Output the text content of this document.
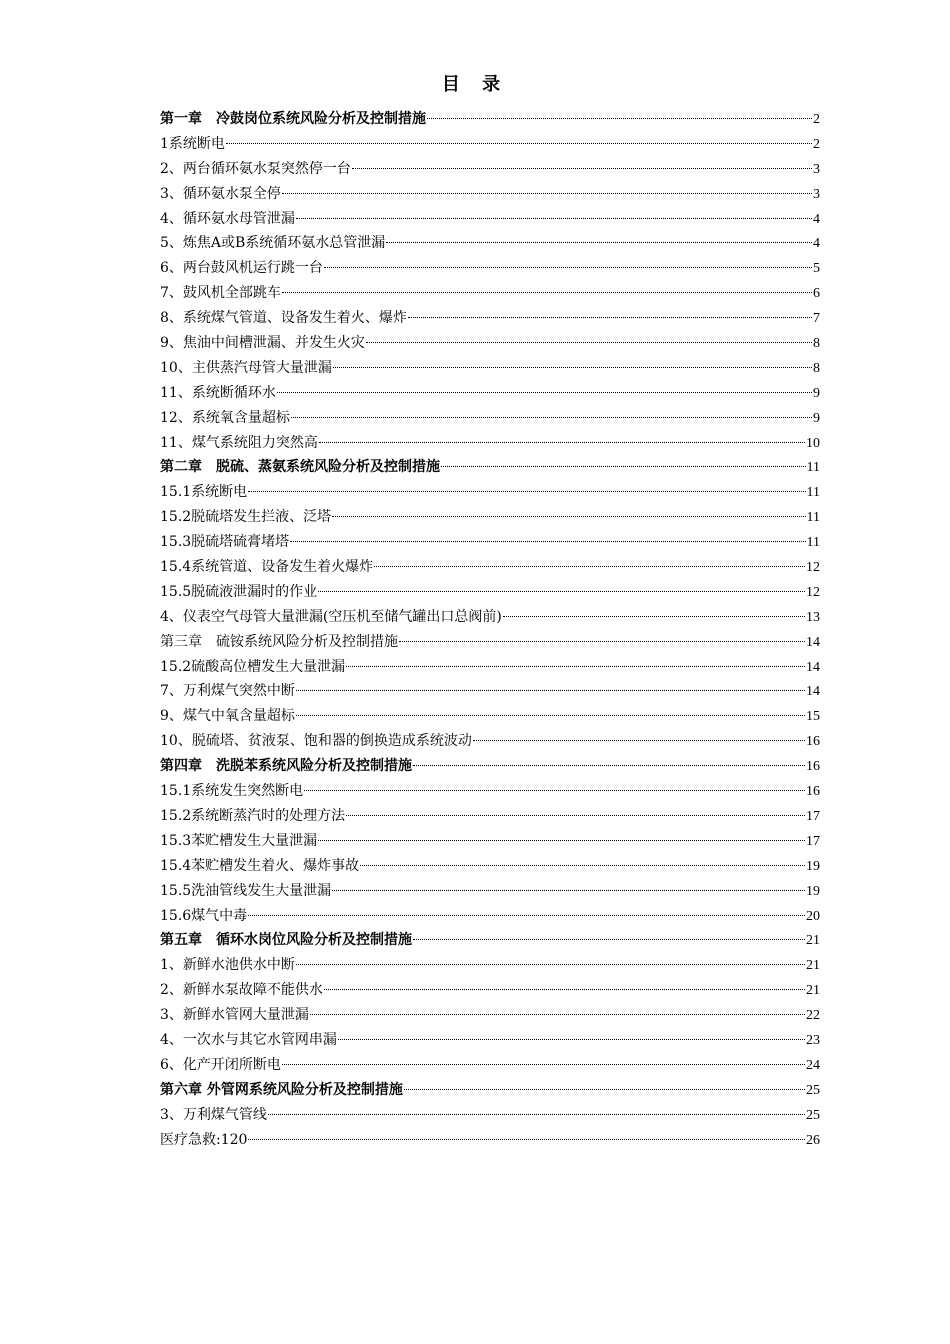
目 录
第一章　冷鼓岗位系统风险分析及控制措施	2
1系统断电	2
2、两台循环氨水泵突然停一台	3
3、循环氨水泵全停	3
4、循环氨水母管泄漏	4
5、炼焦A或B系统循环氨水总管泄漏	4
6、两台鼓风机运行跳一台	5
7、鼓风机全部跳车	6
8、系统煤气管道、设备发生着火、爆炸	7
9、焦油中间槽泄漏、并发生火灾	8
10、主供蒸汽母管大量泄漏	8
11、系统断循环水	9
12、系统氧含量超标	9
11、煤气系统阻力突然高	10
第二章　脱硫、蒸氨系统风险分析及控制措施	11
15.1系统断电	11
15.2脱硫塔发生拦液、泛塔	11
15.3脱硫塔硫膏堵塔	11
15.4系统管道、设备发生着火爆炸	12
15.5脱硫液泄漏时的作业	12
4、仪表空气母管大量泄漏(空压机至储气罐出口总阀前)	13
第三章　硫铵系统风险分析及控制措施	14
15.2硫酸高位槽发生大量泄漏	14
7、万利煤气突然中断	14
9、煤气中氧含量超标	15
10、脱硫塔、贫液泵、饱和器的倒换造成系统波动	16
第四章　洗脱苯系统风险分析及控制措施	16
15.1系统发生突然断电	16
15.2系统断蒸汽时的处理方法	17
15.3苯贮槽发生大量泄漏	17
15.4苯贮槽发生着火、爆炸事故	19
15.5洗油管线发生大量泄漏	19
15.6煤气中毒	20
第五章　循环水岗位风险分析及控制措施	21
1、新鲜水池供水中断	21
2、新鲜水泵故障不能供水	21
3、新鲜水管网大量泄漏	22
4、一次水与其它水管网串漏	23
6、化产开闭所断电	24
第六章 外管网系统风险分析及控制措施	25
3、万利煤气管线	25
医疗急救:120	26
